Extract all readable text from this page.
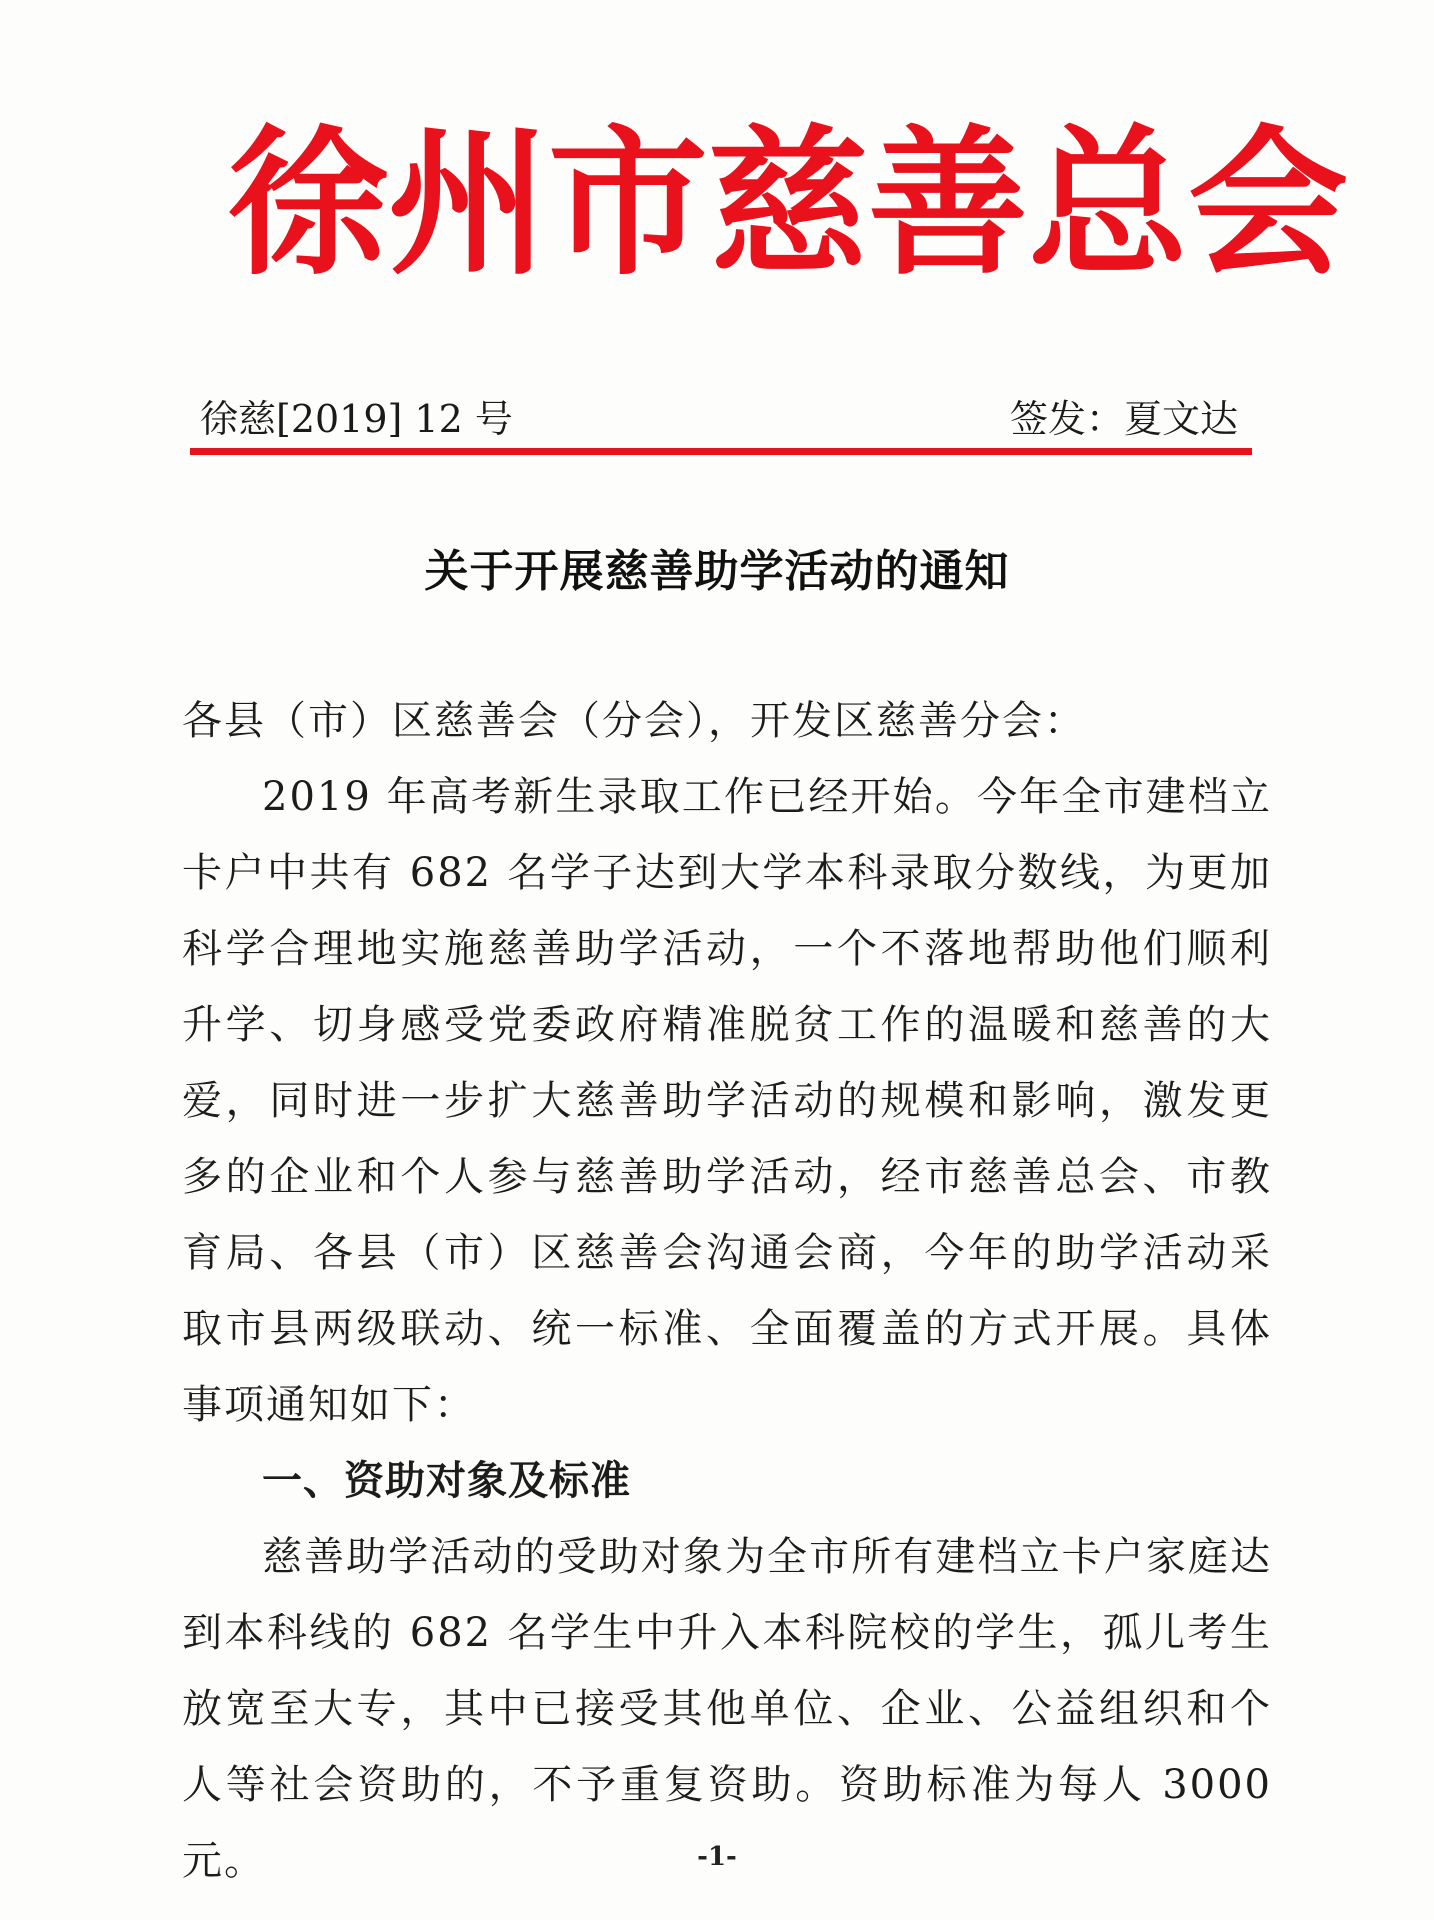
徐 州 市 慈 善 总 会
徐慈[2019] 12 号	签发：夏文达
关于开展慈善助学活动的通知

各县（市）区慈善会（分会），开发区慈善分会：

2019 年高考新生录取工作已经开始。今年全市建档立卡户中共有 682 名学子达到大学本科录取分数线，为更加科学合理地实施慈善助学活动，一个不落地帮助他们顺利升学、切身感受党委政府精准脱贫工作的温暖和慈善的大爱，同时进一步扩大慈善助学活动的规模和影响，激发更多的企业和个人参与慈善助学活动，经市慈善总会、市教育局、各县（市）区慈善会沟通会商，今年的助学活动采取市县两级联动、统一标准、全面覆盖的方式开展。具体事项通知如下：

一、资助对象及标准

慈善助学活动的受助对象为全市所有建档立卡户家庭达到本科线的 682 名学生中升入本科院校的学生，孤儿考生放宽至大专，其中已接受其他单位、企业、公益组织和个人等社会资助的，不予重复资助。资助标准为每人 3000 元。	-1-
